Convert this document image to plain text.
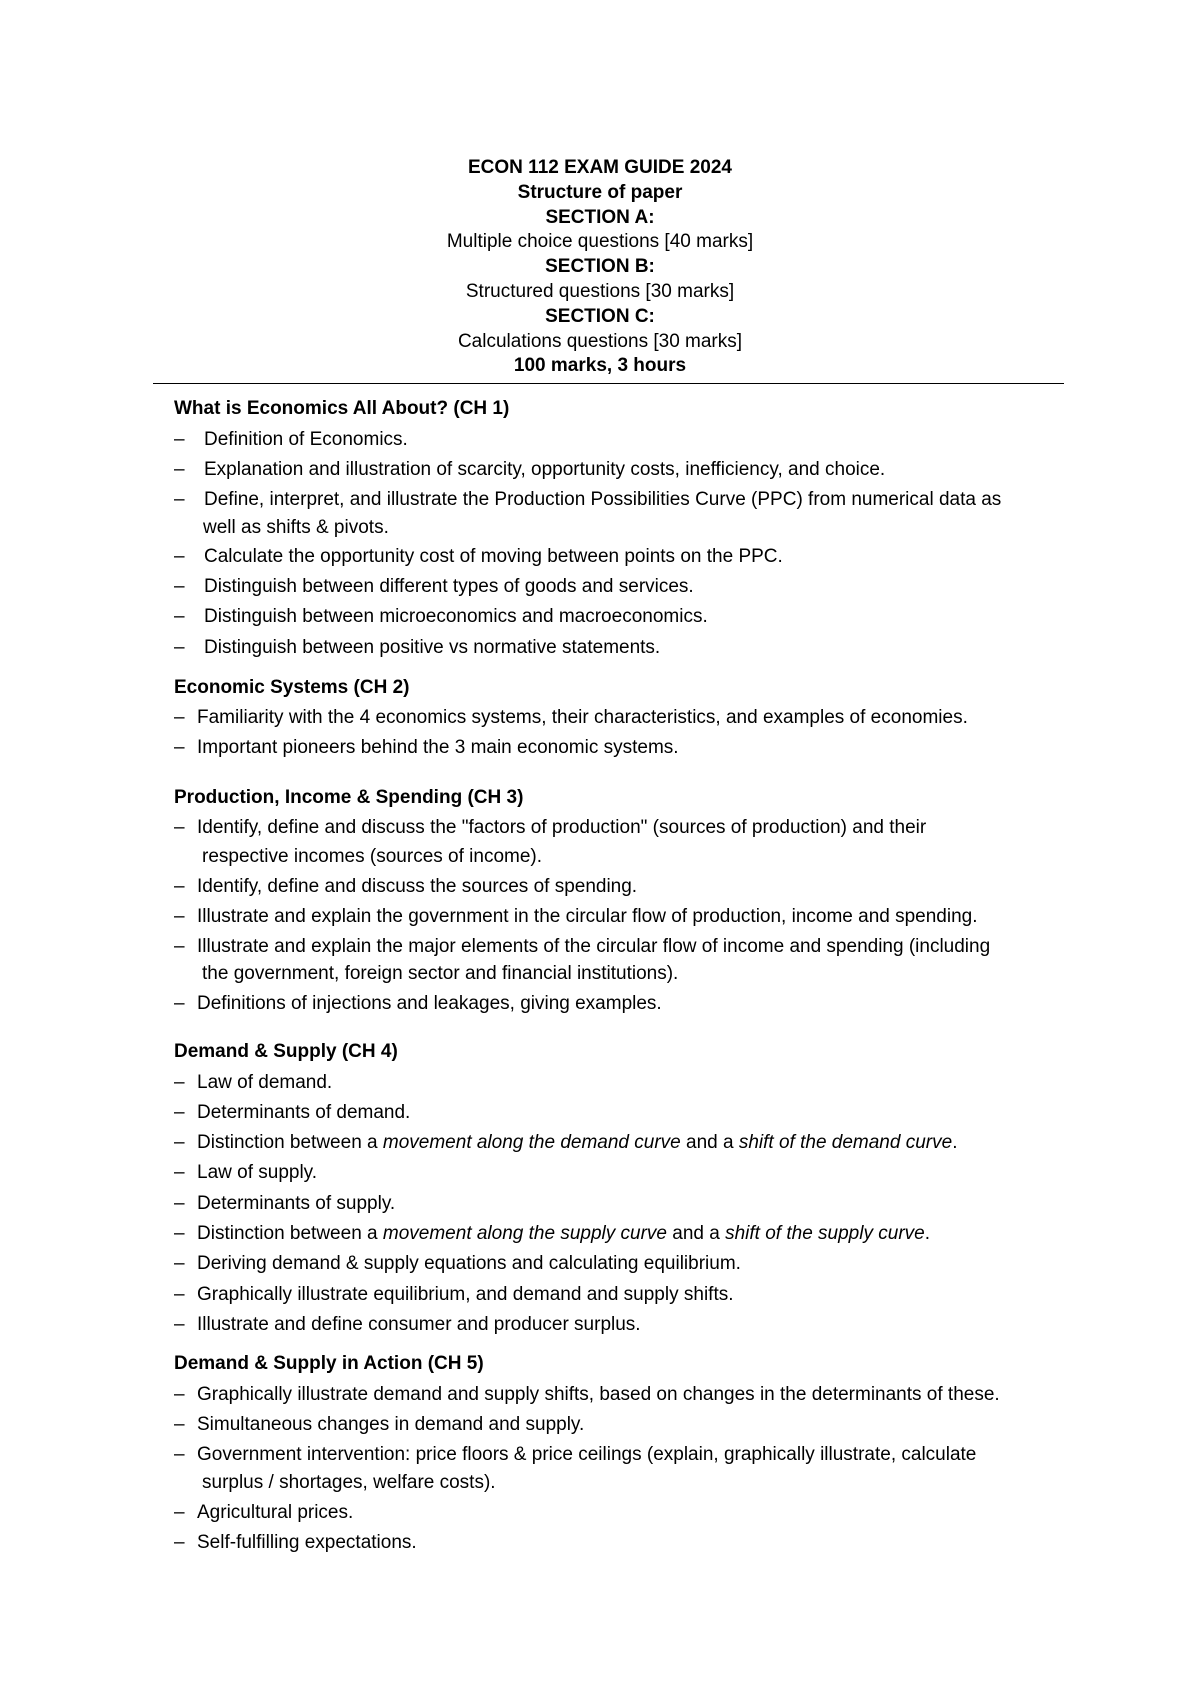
ECON 112 EXAM GUIDE 2024
Structure of paper
SECTION A:
Multiple choice questions [40 marks]
SECTION B:
Structured questions [30 marks]
SECTION C:
Calculations questions [30 marks]
100 marks, 3 hours
What is Economics All About? (CH 1)
– Definition of Economics.
– Explanation and illustration of scarcity, opportunity costs, inefficiency, and choice.
– Define, interpret, and illustrate the Production Possibilities Curve (PPC) from numerical data as
well as shifts & pivots.
– Calculate the opportunity cost of moving between points on the PPC.
– Distinguish between different types of goods and services.
– Distinguish between microeconomics and macroeconomics.
– Distinguish between positive vs normative statements.
Economic Systems (CH 2)
– Familiarity with the 4 economics systems, their characteristics, and examples of economies.
– Important pioneers behind the 3 main economic systems.
Production, Income & Spending (CH 3)
– Identify, define and discuss the "factors of production" (sources of production) and their
respective incomes (sources of income).
– Identify, define and discuss the sources of spending.
– Illustrate and explain the government in the circular flow of production, income and spending.
– Illustrate and explain the major elements of the circular flow of income and spending (including
the government, foreign sector and financial institutions).
– Definitions of injections and leakages, giving examples.
Demand & Supply (CH 4)
– Law of demand.
– Determinants of demand.
– Distinction between a movement along the demand curve and a shift of the demand curve.
– Law of supply.
– Determinants of supply.
– Distinction between a movement along the supply curve and a shift of the supply curve.
– Deriving demand & supply equations and calculating equilibrium.
– Graphically illustrate equilibrium, and demand and supply shifts.
– Illustrate and define consumer and producer surplus.
Demand & Supply in Action (CH 5)
– Graphically illustrate demand and supply shifts, based on changes in the determinants of these.
– Simultaneous changes in demand and supply.
– Government intervention: price floors & price ceilings (explain, graphically illustrate, calculate
surplus / shortages, welfare costs).
– Agricultural prices.
– Self-fulfilling expectations.
